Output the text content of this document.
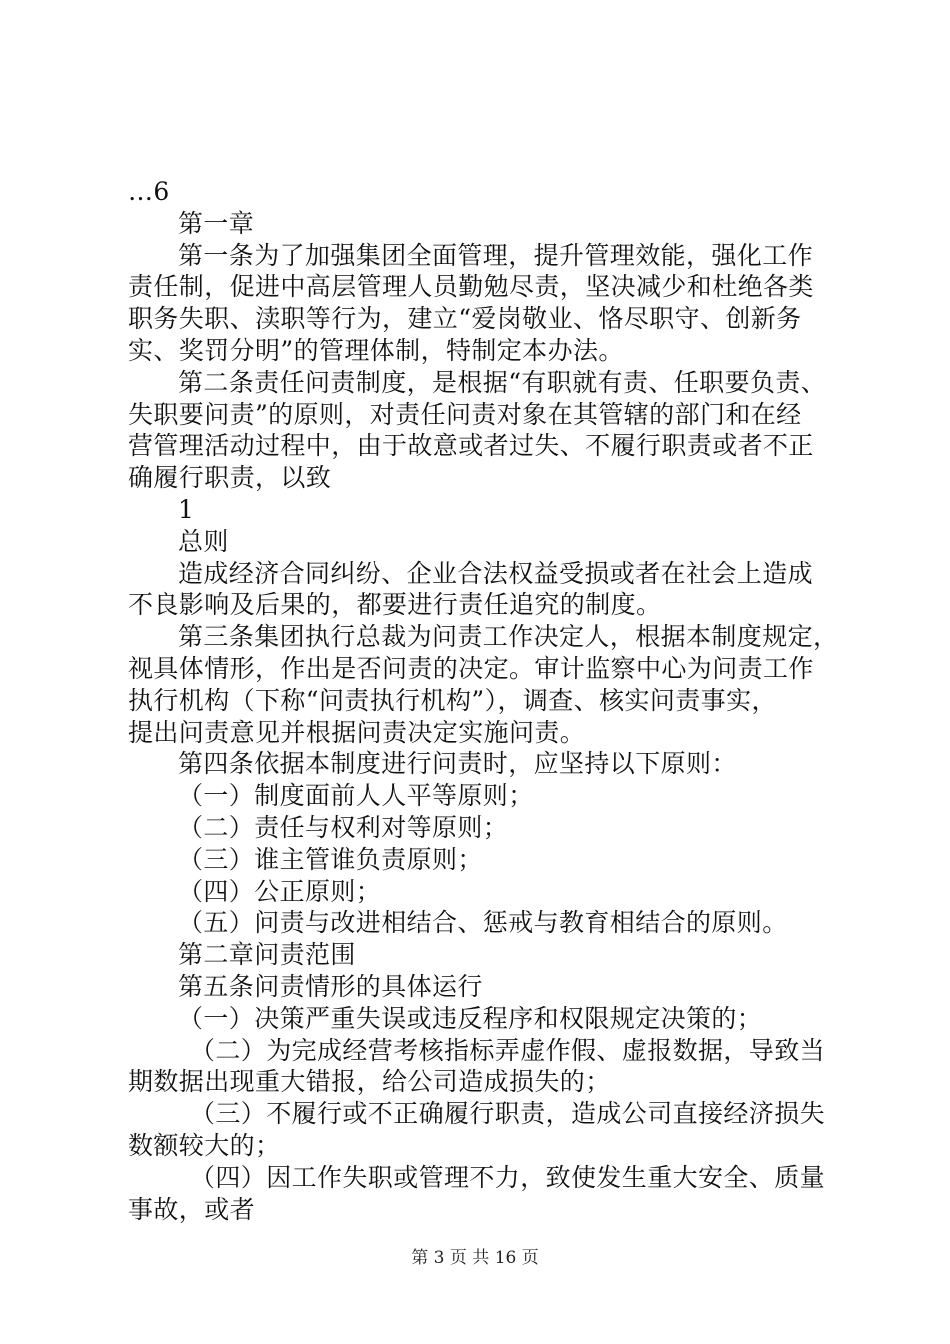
…6
第一章
第一条为了加强集团全面管理，提升管理效能，强化工作
责任制，促进中高层管理人员勤勉尽责，坚决减少和杜绝各类
职务失职、渎职等行为，建立“爱岗敬业、恪尽职守、创新务
实、奖罚分明”的管理体制，特制定本办法。
第二条责任问责制度，是根据“有职就有责、任职要负责、
失职要问责”的原则，对责任问责对象在其管辖的部门和在经
营管理活动过程中，由于故意或者过失、不履行职责或者不正
确履行职责，以致
1
总则
造成经济合同纠纷、企业合法权益受损或者在社会上造成
不良影响及后果的，都要进行责任追究的制度。
第三条集团执行总裁为问责工作决定人，根据本制度规定，
视具体情形，作出是否问责的决定。审计监察中心为问责工作
执行机构（下称“问责执行机构”），调查、核实问责事实，
提出问责意见并根据问责决定实施问责。
第四条依据本制度进行问责时，应坚持以下原则：
（一）制度面前人人平等原则；
（二）责任与权利对等原则；
（三）谁主管谁负责原则；
（四）公正原则；
（五）问责与改进相结合、惩戒与教育相结合的原则。
第二章问责范围
第五条问责情形的具体运行
（一）决策严重失误或违反程序和权限规定决策的；
（二）为完成经营考核指标弄虚作假、虚报数据，导致当
期数据出现重大错报，给公司造成损失的；
（三）不履行或不正确履行职责，造成公司直接经济损失
数额较大的；
（四）因工作失职或管理不力，致使发生重大安全、质量
事故，或者
第 3 页 共 16 页
